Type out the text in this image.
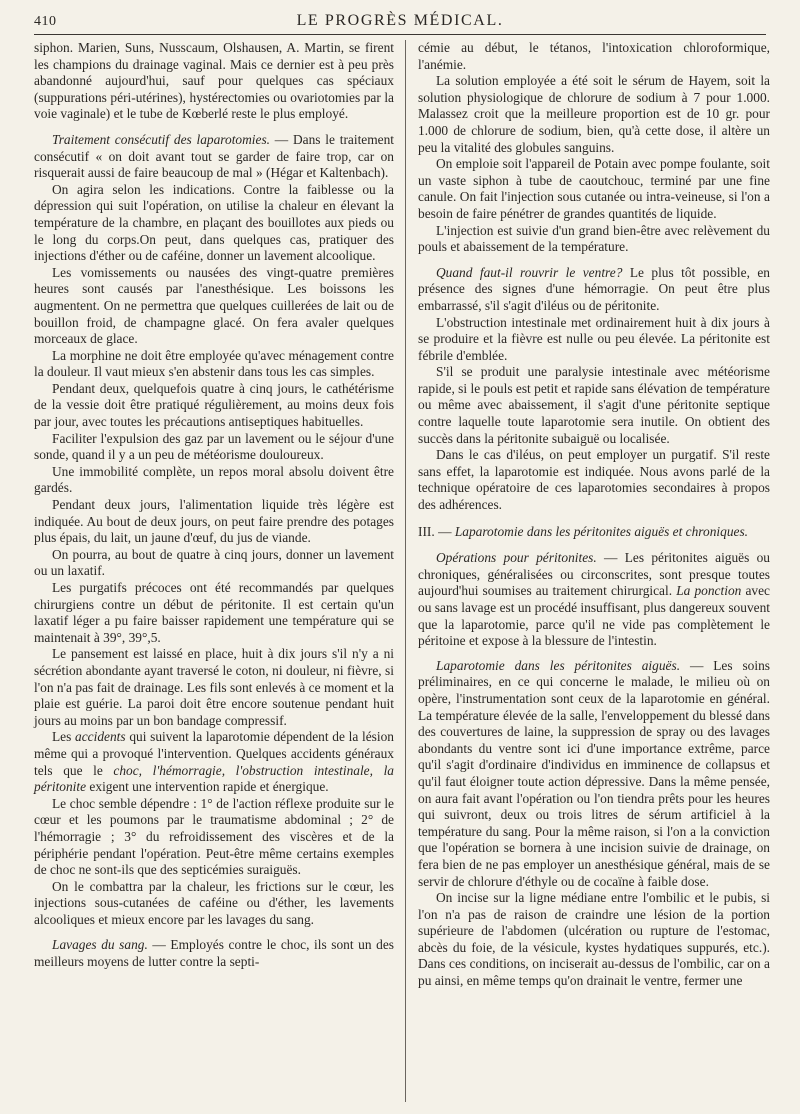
410	LE PROGRÈS MÉDICAL.

siphon. Marien, Suns, Nusscaum, Olshausen, A. Martin, se firent les champions du drainage vaginal. Mais ce dernier est à peu près abandonné aujourd'hui, sauf pour quelques cas spéciaux (suppurations péri-utérines), hystérectomies ou ovariotomies par la voie vaginale) et le tube de Kœberlé reste le plus employé.

Traitement consécutif des laparotomies. — Dans le traitement consécutif « on doit avant tout se garder de faire trop, car on risquerait aussi de faire beaucoup de mal » (Hégar et Kaltenbach).

On agira selon les indications. Contre la faiblesse ou la dépression qui suit l'opération, on utilise la chaleur en élevant la température de la chambre, en plaçant des bouillotes aux pieds ou le long du corps.On peut, dans quelques cas, pratiquer des injections d'éther ou de caféine, donner un lavement alcoolique.

Les vomissements ou nausées des vingt-quatre premières heures sont causés par l'anesthésique. Les boissons les augmentent. On ne permettra que quelques cuillerées de lait ou de bouillon froid, de champagne glacé. On fera avaler quelques morceaux de glace.

La morphine ne doit être employée qu'avec ménagement contre la douleur. Il vaut mieux s'en abstenir dans tous les cas simples.

Pendant deux, quelquefois quatre à cinq jours, le cathétérisme de la vessie doit être pratiqué régulièrement, au moins deux fois par jour, avec toutes les précautions antiseptiques habituelles.

Faciliter l'expulsion des gaz par un lavement ou le séjour d'une sonde, quand il y a un peu de météorisme douloureux.

Une immobilité complète, un repos moral absolu doivent être gardés.

Pendant deux jours, l'alimentation liquide très légère est indiquée. Au bout de deux jours, on peut faire prendre des potages plus épais, du lait, un jaune d'œuf, du jus de viande.

On pourra, au bout de quatre à cinq jours, donner un lavement ou un laxatif.

Les purgatifs précoces ont été recommandés par quelques chirurgiens contre un début de péritonite. Il est certain qu'un laxatif léger a pu faire baisser rapidement une température qui se maintenait à 39°, 39°,5.

Le pansement est laissé en place, huit à dix jours s'il n'y a ni sécrétion abondante ayant traversé le coton, ni douleur, ni fièvre, si l'on n'a pas fait de drainage. Les fils sont enlevés à ce moment et la plaie est guérie. La paroi doit être encore soutenue pendant huit jours au moins par un bon bandage compressif.

Les accidents qui suivent la laparotomie dépendent de la lésion même qui a provoqué l'intervention. Quelques accidents généraux tels que le choc, l'hémorragie, l'obstruction intestinale, la péritonite exigent une intervention rapide et énergique.

Le choc semble dépendre : 1° de l'action réflexe produite sur le cœur et les poumons par le traumatisme abdominal ; 2° de l'hémorragie ; 3° du refroidissement des viscères et de la périphérie pendant l'opération. Peut-être même certains exemples de choc ne sont-ils que des septicémies suraiguës.

On le combattra par la chaleur, les frictions sur le cœur, les injections sous-cutanées de caféine ou d'éther, les lavements alcooliques et mieux encore par les lavages du sang.

Lavages du sang. — Employés contre le choc, ils sont un des meilleurs moyens de lutter contre la septi-

cémie au début, le tétanos, l'intoxication chloroformique, l'anémie.

La solution employée a été soit le sérum de Hayem, soit la solution physiologique de chlorure de sodium à 7 pour 1.000. Malassez croit que la meilleure proportion est de 10 gr. pour 1.000 de chlorure de sodium, bien, qu'à cette dose, il altère un peu la vitalité des globules sanguins.

On emploie soit l'appareil de Potain avec pompe foulante, soit un vaste siphon à tube de caoutchouc, terminé par une fine canule. On fait l'injection sous cutanée ou intra-veineuse, si l'on a besoin de faire pénétrer de grandes quantités de liquide.

L'injection est suivie d'un grand bien-être avec relèvement du pouls et abaissement de la température.

Quand faut-il rouvrir le ventre? Le plus tôt possible, en présence des signes d'une hémorragie. On peut être plus embarrassé, s'il s'agit d'iléus ou de péritonite.

L'obstruction intestinale met ordinairement huit à dix jours à se produire et la fièvre est nulle ou peu élevée. La péritonite est fébrile d'emblée.

S'il se produit une paralysie intestinale avec météorisme rapide, si le pouls est petit et rapide sans élévation de température ou même avec abaissement, il s'agit d'une péritonite septique contre laquelle toute laparotomie sera inutile. On obtient des succès dans la péritonite subaiguë ou localisée.

Dans le cas d'iléus, on peut employer un purgatif. S'il reste sans effet, la laparotomie est indiquée. Nous avons parlé de la technique opératoire de ces laparotomies secondaires à propos des adhérences.

III. — Laparotomie dans les péritonites aiguës et chroniques.

Opérations pour péritonites. — Les péritonites aiguës ou chroniques, généralisées ou circonscrites, sont presque toutes aujourd'hui soumises au traitement chirurgical. La ponction avec ou sans lavage est un procédé insuffisant, plus dangereux souvent que la laparotomie, parce qu'il ne vide pas complètement le péritoine et expose à la blessure de l'intestin.

Laparotomie dans les péritonites aiguës. — Les soins préliminaires, en ce qui concerne le malade, le milieu où on opère, l'instrumentation sont ceux de la laparotomie en général. La température élevée de la salle, l'enveloppement du blessé dans des couvertures de laine, la suppression de spray ou des lavages abondants du ventre sont ici d'une importance extrême, parce qu'il s'agit d'ordinaire d'individus en imminence de collapsus et qu'il faut éloigner toute action dépressive. Dans la même pensée, on aura fait avant l'opération ou l'on tiendra prêts pour les heures qui suivront, deux ou trois litres de sérum artificiel à la température du sang. Pour la même raison, si l'on a la conviction que l'opération se bornera à une incision suivie de drainage, on fera bien de ne pas employer un anesthésique général, mais de se servir de chlorure d'éthyle ou de cocaïne à faible dose.

On incise sur la ligne médiane entre l'ombilic et le pubis, si l'on n'a pas de raison de craindre une lésion de la portion supérieure de l'abdomen (ulcération ou rupture de l'estomac, abcès du foie, de la vésicule, kystes hydatiques suppurés, etc.). Dans ces conditions, on inciserait au-dessus de l'ombilic, car on a pu ainsi, en même temps qu'on drainait le ventre, fermer une
